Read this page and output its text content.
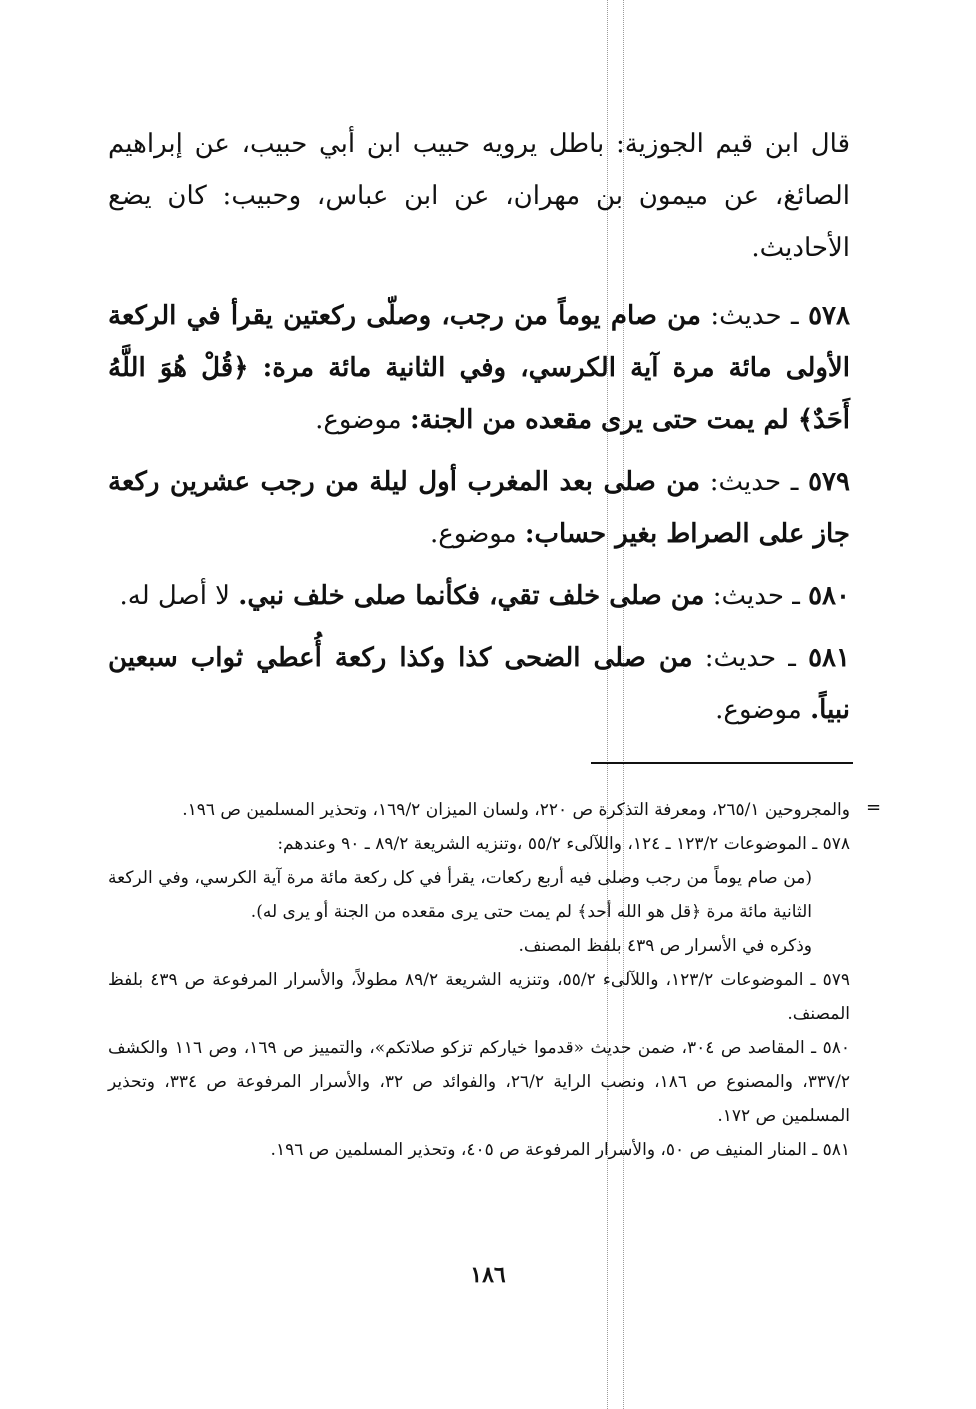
قال ابن قيم الجوزية: باطل يرويه حبيب ابن أبي حبيب، عن إبراهيم الصائغ، عن ميمون بن مهران، عن ابن عباس، وحبيب: كان يضع الأحاديث.

٥٧٨ ـ حديث: من صام يوماً من رجب، وصلّى ركعتين يقرأ في الركعة الأولى مائة مرة آية الكرسي، وفي الثانية مائة مرة: ﴿قُلْ هُوَ اللَّهُ أَحَدٌ﴾ لم يمت حتى يرى مقعده من الجنة: موضوع.

٥٧٩ ـ حديث: من صلى بعد المغرب أول ليلة من رجب عشرين ركعة جاز على الصراط بغير حساب: موضوع.

٥٨٠ ـ حديث: من صلى خلف تقي، فكأنما صلى خلف نبي. لا أصل له.

٥٨١ ـ حديث: من صلى الضحى كذا وكذا ركعة أُعطي ثواب سبعين نبياً. موضوع.

=

والمجروحين ٢٦٥/١، ومعرفة التذكرة ص ٢٢٠، ولسان الميزان ١٦٩/٢، وتحذير المسلمين ص ١٩٦.

٥٧٨ ـ الموضوعات ١٢٣/٢ ـ ١٢٤، واللآلىء ٥٥/٢ ،وتنزيه الشريعة ٨٩/٢ ـ ٩٠ وعندهم:
(من صام يوماً من رجب وصلى فيه أربع ركعات، يقرأ في كل ركعة مائة مرة آية الكرسي، وفي الركعة الثانية مائة مرة ﴿قل هو الله أحد﴾ لم يمت حتى يرى مقعده من الجنة أو يرى له).
وذكره في الأسرار ص ٤٣٩ بلفظ المصنف.

٥٧٩ ـ الموضوعات ١٢٣/٢، واللآلىء ٥٥/٢، وتنزيه الشريعة ٨٩/٢ مطولاً، والأسرار المرفوعة ص ٤٣٩ بلفظ المصنف.

٥٨٠ ـ المقاصد ص ٣٠٤، ضمن حديث «قدموا خياركم تزكو صلاتكم»، والتمييز ص ١٦٩، وص ١١٦ والكشف ٣٣٧/٢، والمصنوع ص ١٨٦، ونصب الراية ٢٦/٢، والفوائد ص ٣٢، والأسرار المرفوعة ص ٣٣٤، وتحذير المسلمين ص ١٧٢.

٥٨١ ـ المنار المنيف ص ٥٠، والأسرار المرفوعة ص ٤٠٥، وتحذير المسلمين ص ١٩٦.

١٨٦
